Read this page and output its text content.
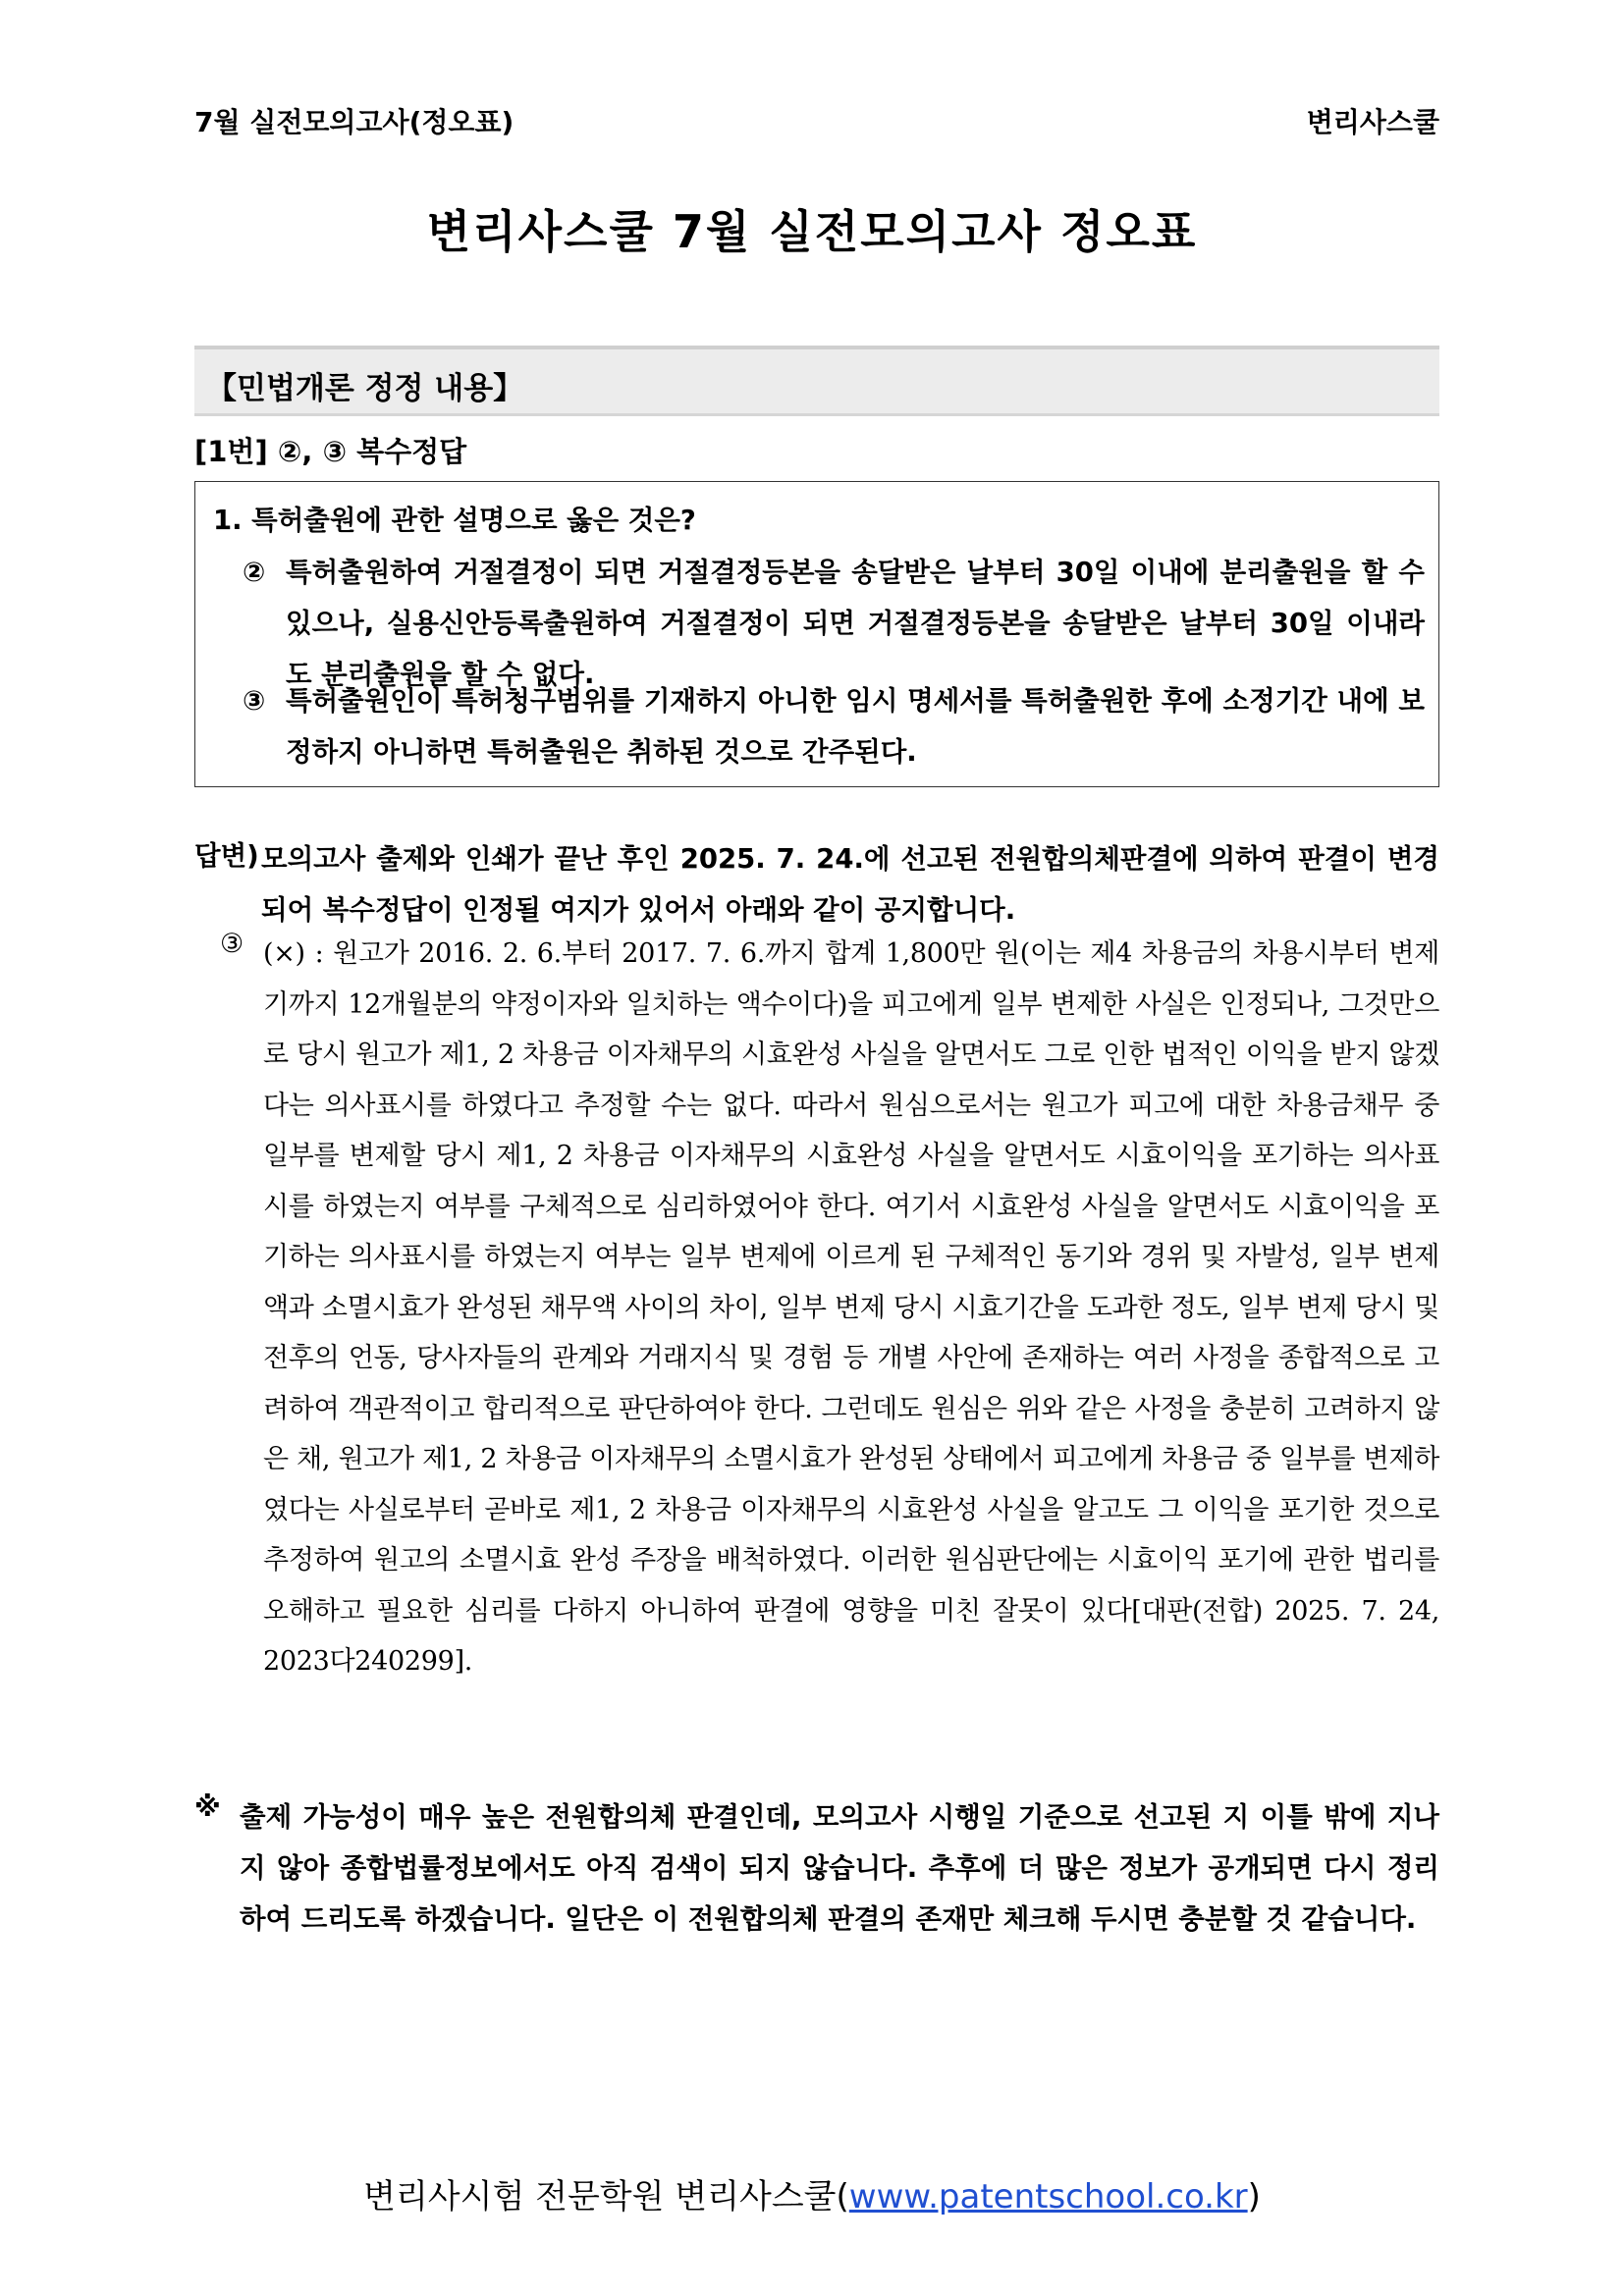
7월 실전모의고사(정오표)	변리사스쿨
변리사스쿨 7월 실전모의고사 정오표
【민법개론 정정 내용】
[1번] ②, ③ 복수정답
1. 특허출원에 관한 설명으로 옳은 것은?
② 특허출원하여 거절결정이 되면 거절결정등본을 송달받은 날부터 30일 이내에 분리출원을 할 수 있으나, 실용신안등록출원하여 거절결정이 되면 거절결정등본을 송달받은 날부터 30일 이내라도 분리출원을 할 수 없다.
③ 특허출원인이 특허청구범위를 기재하지 아니한 임시 명세서를 특허출원한 후에 소정기간 내에 보정하지 아니하면 특허출원은 취하된 것으로 간주된다.
답변) 모의고사 출제와 인쇄가 끝난 후인 2025. 7. 24.에 선고된 전원합의체판결에 의하여 판결이 변경되어 복수정답이 인정될 여지가 있어서 아래와 같이 공지합니다.
③ (×) : 원고가 2016. 2. 6.부터 2017. 7. 6.까지 합계 1,800만 원(이는 제4 차용금의 차용시부터 변제기까지 12개월분의 약정이자와 일치하는 액수이다)을 피고에게 일부 변제한 사실은 인정되나, 그것만으로 당시 원고가 제1, 2 차용금 이자채무의 시효완성 사실을 알면서도 그로 인한 법적인 이익을 받지 않겠다는 의사표시를 하였다고 추정할 수는 없다. 따라서 원심으로서는 원고가 피고에 대한 차용금채무 중 일부를 변제할 당시 제1, 2 차용금 이자채무의 시효완성 사실을 알면서도 시효이익을 포기하는 의사표시를 하였는지 여부를 구체적으로 심리하였어야 한다. 여기서 시효완성 사실을 알면서도 시효이익을 포기하는 의사표시를 하였는지 여부는 일부 변제에 이르게 된 구체적인 동기와 경위 및 자발성, 일부 변제액과 소멸시효가 완성된 채무액 사이의 차이, 일부 변제 당시 시효기간을 도과한 정도, 일부 변제 당시 및 전후의 언동, 당사자들의 관계와 거래지식 및 경험 등 개별 사안에 존재하는 여러 사정을 종합적으로 고려하여 객관적이고 합리적으로 판단하여야 한다. 그런데도 원심은 위와 같은 사정을 충분히 고려하지 않은 채, 원고가 제1, 2 차용금 이자채무의 소멸시효가 완성된 상태에서 피고에게 차용금 중 일부를 변제하였다는 사실로부터 곧바로 제1, 2 차용금 이자채무의 시효완성 사실을 알고도 그 이익을 포기한 것으로 추정하여 원고의 소멸시효 완성 주장을 배척하였다. 이러한 원심판단에는 시효이익 포기에 관한 법리를 오해하고 필요한 심리를 다하지 아니하여 판결에 영향을 미친 잘못이 있다[대판(전합) 2025. 7. 24, 2023다240299].
※ 출제 가능성이 매우 높은 전원합의체 판결인데, 모의고사 시행일 기준으로 선고된 지 이틀 밖에 지나지 않아 종합법률정보에서도 아직 검색이 되지 않습니다. 추후에 더 많은 정보가 공개되면 다시 정리하여 드리도록 하겠습니다. 일단은 이 전원합의체 판결의 존재만 체크해 두시면 충분할 것 같습니다.
변리사시험 전문학원 변리사스쿨(www.patentschool.co.kr)
